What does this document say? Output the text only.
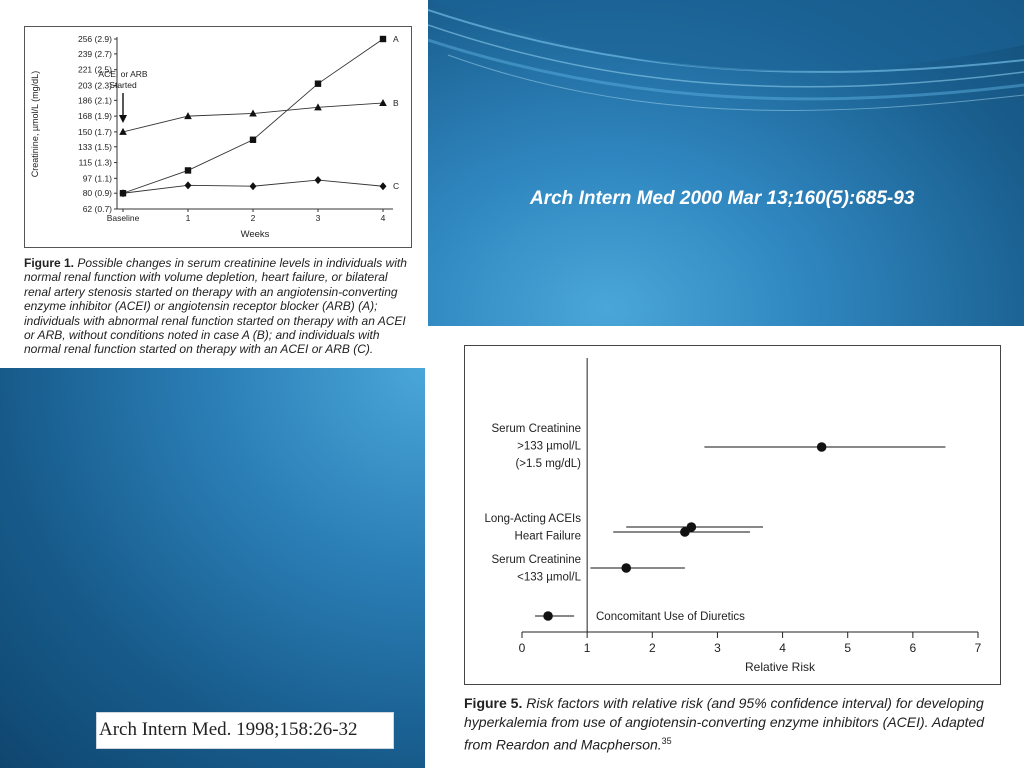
Arch Intern Med 2000 Mar 13;160(5):685-93
Arch Intern Med. 1998;158:26-32
62 (0.7)
80 (0.9)
97 (1.1)
115 (1.3)
133 (1.5)
150 (1.7)
168 (1.9)
186 (2.1)
203 (2.3)
221 (2.5)
239 (2.7)
256 (2.9)
Baseline	1	2	3	4
Weeks
Creatinine, µmol/L (mg/dL)	ACEI or ARB
Started
A
B
C
Figure 1. Possible changes in serum creatinine levels in individuals with normal renal function with volume depletion, heart failure, or bilateral renal artery stenosis started on therapy with an angiotensin-converting enzyme inhibitor (ACEI) or angiotensin receptor blocker (ARB) (A); individuals with abnormal renal function started on therapy with an ACEI or ARB, without conditions noted in case A (B); and individuals with normal renal function started on therapy with an ACEI or ARB (C).
0	1	2	3	4	5	6	7
Relative Risk
Serum Creatinine
>133 µmol/L
(>1.5 mg/dL)
Long-Acting ACEIs
Heart Failure
Serum Creatinine
<133 µmol/L
Concomitant Use of Diuretics
Figure 5. Risk factors with relative risk (and 95% confidence interval) for developing hyperkalemia from use of angiotensin-converting enzyme inhibitors (ACEI). Adapted from Reardon and Macpherson.$^{35}$
